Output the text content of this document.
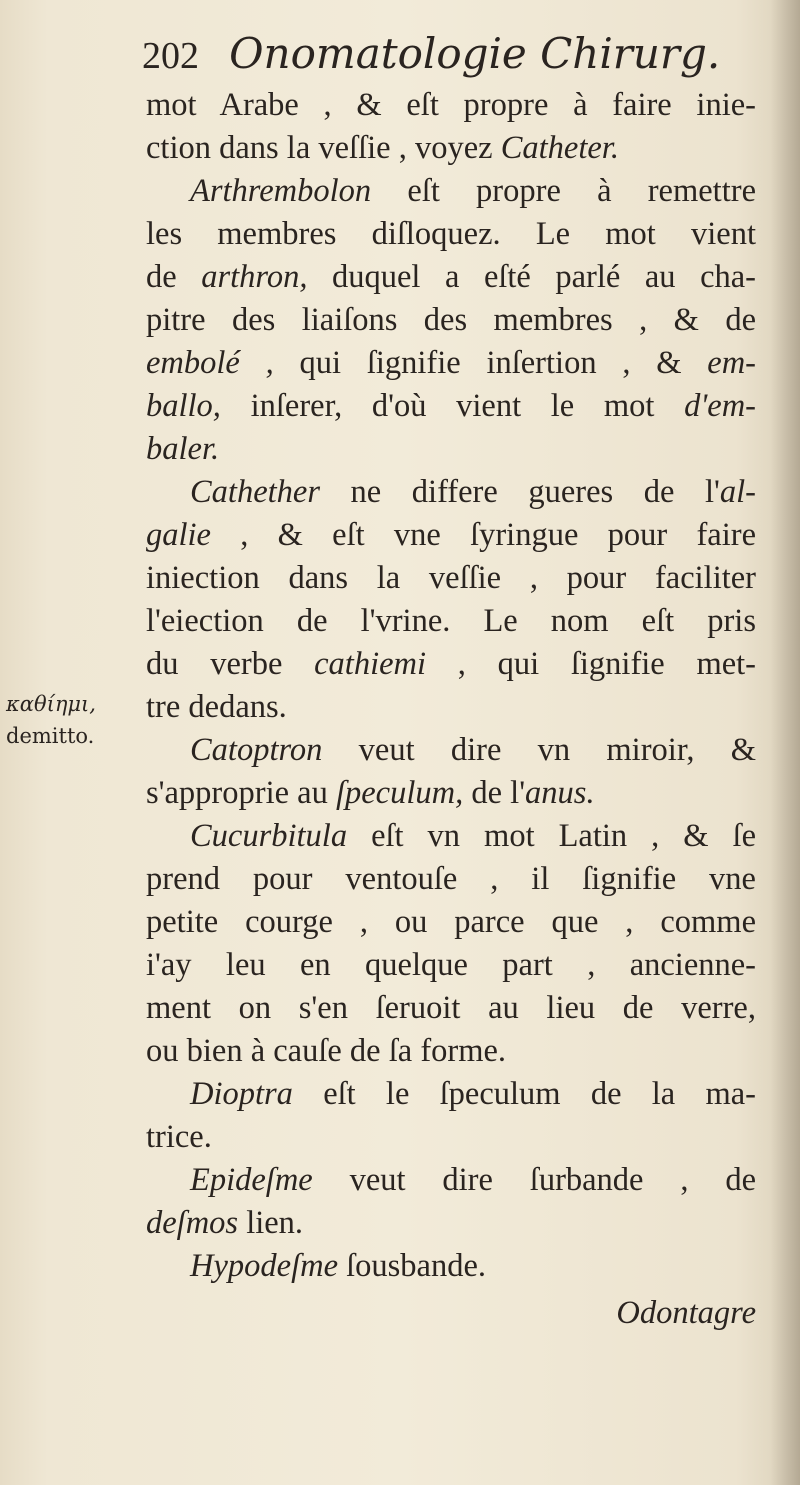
202 Onomatologie Chirurg.
καθίημι,
demitto.
mot Arabe , & eſt propre à faire inie-
ction dans la veſſie , voyez Catheter.
Arthrembolon eſt propre à remettre
les membres diſloquez. Le mot vient
de arthron, duquel a eſté parlé au cha-
pitre des liaiſons des membres , & de
embolé , qui ſignifie inſertion , & em-
ballo, inſerer, d'où vient le mot d'em-
baler.
Cathether ne differe gueres de l'al-
galie , & eſt vne ſyringue pour faire
iniection dans la veſſie , pour faciliter
l'eiection de l'vrine. Le nom eſt pris
du verbe cathiemi , qui ſignifie met-
tre dedans.
Catoptron veut dire vn miroir, &
s'approprie au ſpeculum, de l'anus.
Cucurbitula eſt vn mot Latin , & ſe
prend pour ventouſe , il ſignifie vne
petite courge , ou parce que , comme
i'ay leu en quelque part , ancienne-
ment on s'en ſeruoit au lieu de verre,
ou bien à cauſe de ſa forme.
Dioptra eſt le ſpeculum de la ma-
trice.
Epideſme veut dire ſurbande , de
deſmos lien.
Hypodeſme ſousbande.
Odontagre
